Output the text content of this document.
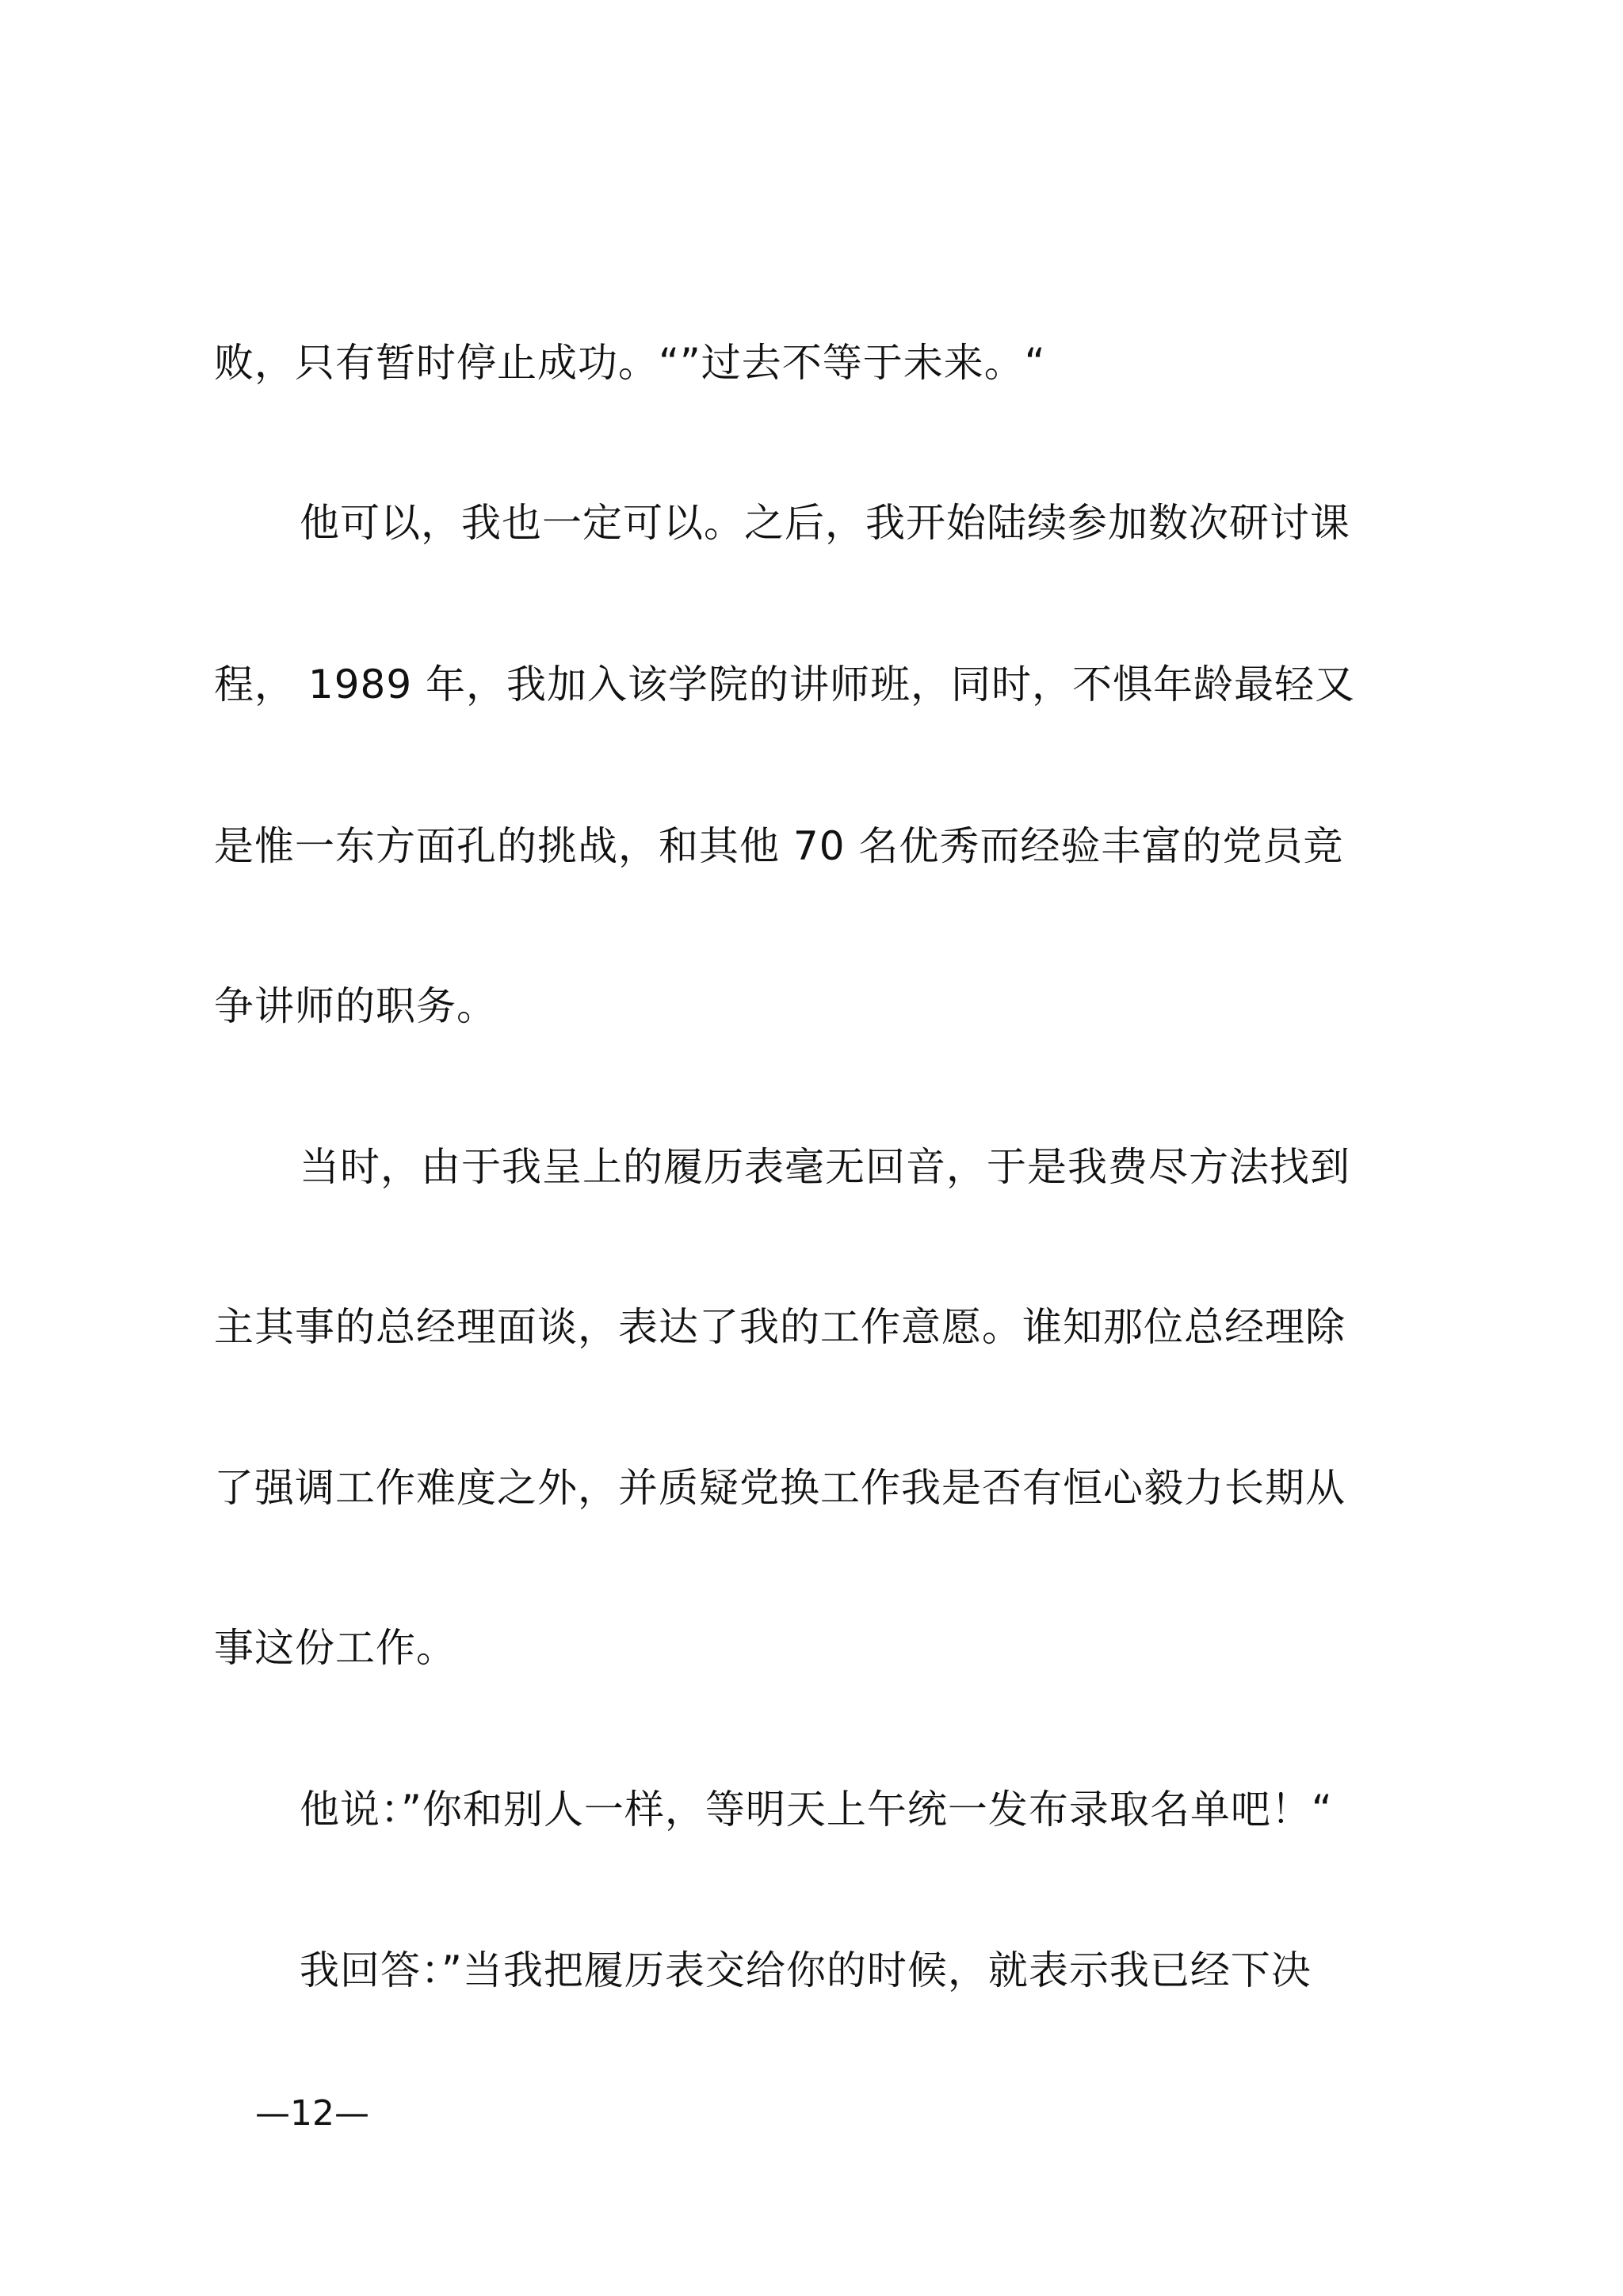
败，只有暂时停止成功。“”过去不等于未来。“
他可以，我也一定可以。之后，我开始陆续参加数次研讨课
程， 1989 年，我加入该学院的讲师班，同时，不惧年龄最轻又
是惟一东方面孔的挑战，和其他 70 名优秀而经验丰富的党员竞
争讲师的职务。
当时，由于我呈上的履历表毫无回音，于是我费尽方法找到
主其事的总经理面谈，表达了我的工作意愿。谁知那位总经理除
了强调工作难度之外，并质疑党换工作我是否有恒心毅力长期从
事这份工作。
他说：”你和别人一样，等明天上午统一发布录取名单吧！“
我回答：”当我把履历表交给你的时候，就表示我已经下决
—12—
